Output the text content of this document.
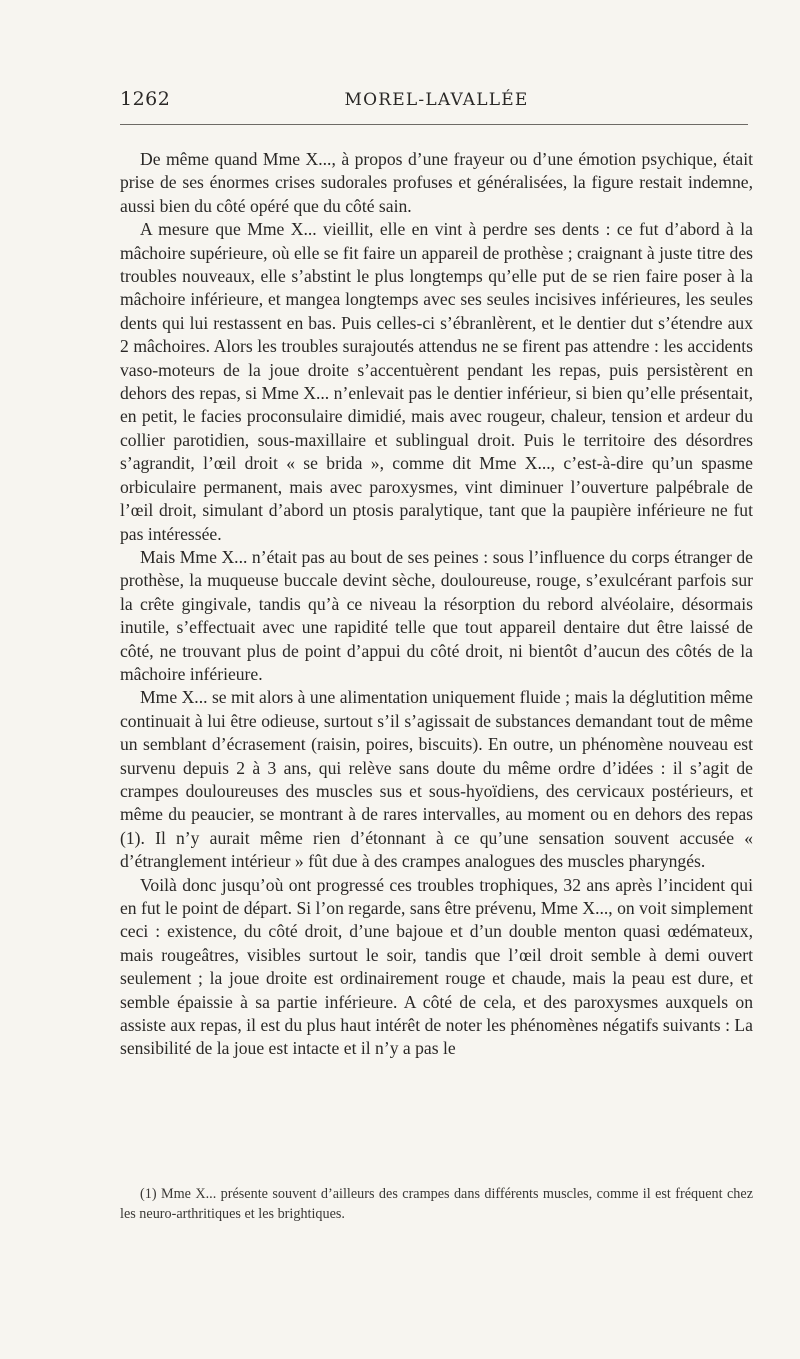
1262	MOREL-LAVALLÉE

De même quand Mme X..., à propos d’une frayeur ou d’une émotion psychique, était prise de ses énormes crises sudorales profuses et généralisées, la figure restait indemne, aussi bien du côté opéré que du côté sain.

A mesure que Mme X... vieillit, elle en vint à perdre ses dents : ce fut d’abord à la mâchoire supérieure, où elle se fit faire un appareil de prothèse ; craignant à juste titre des troubles nouveaux, elle s’abstint le plus longtemps qu’elle put de se rien faire poser à la mâchoire inférieure, et mangea longtemps avec ses seules incisives inférieures, les seules dents qui lui restassent en bas. Puis celles-ci s’ébranlèrent, et le dentier dut s’étendre aux 2 mâchoires. Alors les troubles surajoutés attendus ne se firent pas attendre : les accidents vaso-moteurs de la joue droite s’accentuèrent pendant les repas, puis persistèrent en dehors des repas, si Mme X... n’enlevait pas le dentier inférieur, si bien qu’elle présentait, en petit, le facies proconsulaire dimidié, mais avec rougeur, chaleur, tension et ardeur du collier parotidien, sous-maxillaire et sublingual droit. Puis le territoire des désordres s’agrandit, l’œil droit « se brida », comme dit Mme X..., c’est-à-dire qu’un spasme orbiculaire permanent, mais avec paroxysmes, vint diminuer l’ouverture palpébrale de l’œil droit, simulant d’abord un ptosis paralytique, tant que la paupière inférieure ne fut pas intéressée.

Mais Mme X... n’était pas au bout de ses peines : sous l’influence du corps étranger de prothèse, la muqueuse buccale devint sèche, douloureuse, rouge, s’exulcérant parfois sur la crête gingivale, tandis qu’à ce niveau la résorption du rebord alvéolaire, désormais inutile, s’effectuait avec une rapidité telle que tout appareil dentaire dut être laissé de côté, ne trouvant plus de point d’appui du côté droit, ni bientôt d’aucun des côtés de la mâchoire inférieure.

Mme X... se mit alors à une alimentation uniquement fluide ; mais la déglutition même continuait à lui être odieuse, surtout s’il s’agissait de substances demandant tout de même un semblant d’écrasement (raisin, poires, biscuits). En outre, un phénomène nouveau est survenu depuis 2 à 3 ans, qui relève sans doute du même ordre d’idées : il s’agit de crampes douloureuses des muscles sus et sous-hyoïdiens, des cervicaux postérieurs, et même du peaucier, se montrant à de rares intervalles, au moment ou en dehors des repas (1). Il n’y aurait même rien d’étonnant à ce qu’une sensation souvent accusée « d’étranglement intérieur » fût due à des crampes analogues des muscles pharyngés.

Voilà donc jusqu’où ont progressé ces troubles trophiques, 32 ans après l’incident qui en fut le point de départ. Si l’on regarde, sans être prévenu, Mme X..., on voit simplement ceci : existence, du côté droit, d’une bajoue et d’un double menton quasi œdémateux, mais rougeâtres, visibles surtout le soir, tandis que l’œil droit semble à demi ouvert seulement ; la joue droite est ordinairement rouge et chaude, mais la peau est dure, et semble épaissie à sa partie inférieure. A côté de cela, et des paroxysmes auxquels on assiste aux repas, il est du plus haut intérêt de noter les phénomènes négatifs suivants : La sensibilité de la joue est intacte et il n’y a pas le

(1) Mme X... présente souvent d’ailleurs des crampes dans différents muscles, comme il est fréquent chez les neuro-arthritiques et les brightiques.
